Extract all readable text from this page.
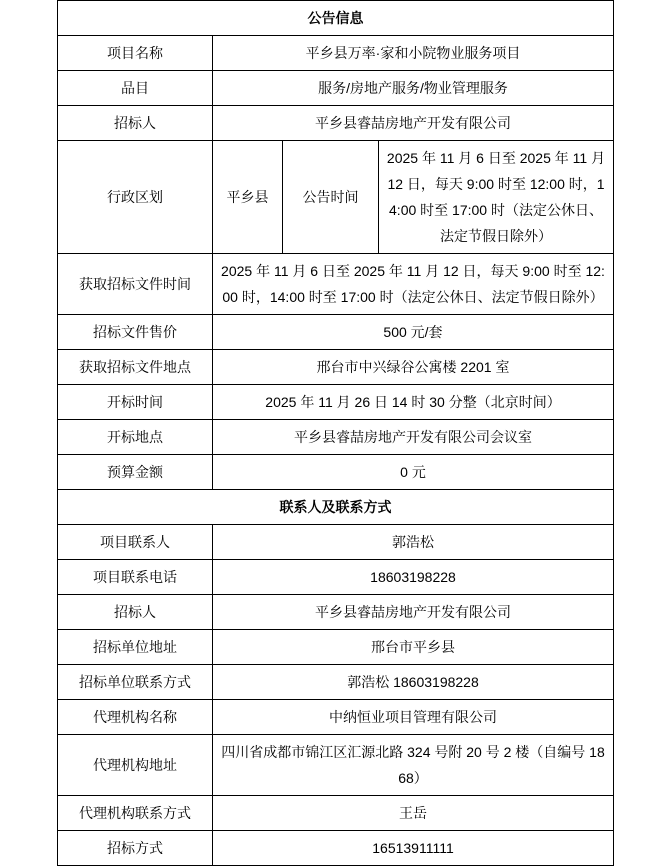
公告信息			
项目名称	平乡县万率·家和小院物业服务项目		
品目	服务/房地产服务/物业管理服务		
招标人	平乡县睿喆房地产开发有限公司		
行政区划	平乡县	公告时间	2025 年 11 月 6 日至 2025 年 11 月 12 日，每天 9:00 时至 12:00 时，14:00 时至 17:00 时（法定公休日、法定节假日除外）
获取招标文件时间	2025 年 11 月 6 日至 2025 年 11 月 12 日，每天 9:00 时至 12:00 时，14:00 时至 17:00 时（法定公休日、法定节假日除外）		
招标文件售价	500 元/套		
获取招标文件地点	邢台市中兴绿谷公寓楼 2201 室		
开标时间	2025 年 11 月 26 日 14 时 30 分整（北京时间）		
开标地点	平乡县睿喆房地产开发有限公司会议室		
预算金额	0 元		
联系人及联系方式			
项目联系人	郭浩松		
项目联系电话	18603198228		
招标人	平乡县睿喆房地产开发有限公司		
招标单位地址	邢台市平乡县		
招标单位联系方式	郭浩松 18603198228		
代理机构名称	中纳恒业项目管理有限公司		
代理机构地址	四川省成都市锦江区汇源北路 324 号附 20 号 2 楼（自编号 1868）		
代理机构联系方式	王岳		
招标方式	16513911111		
